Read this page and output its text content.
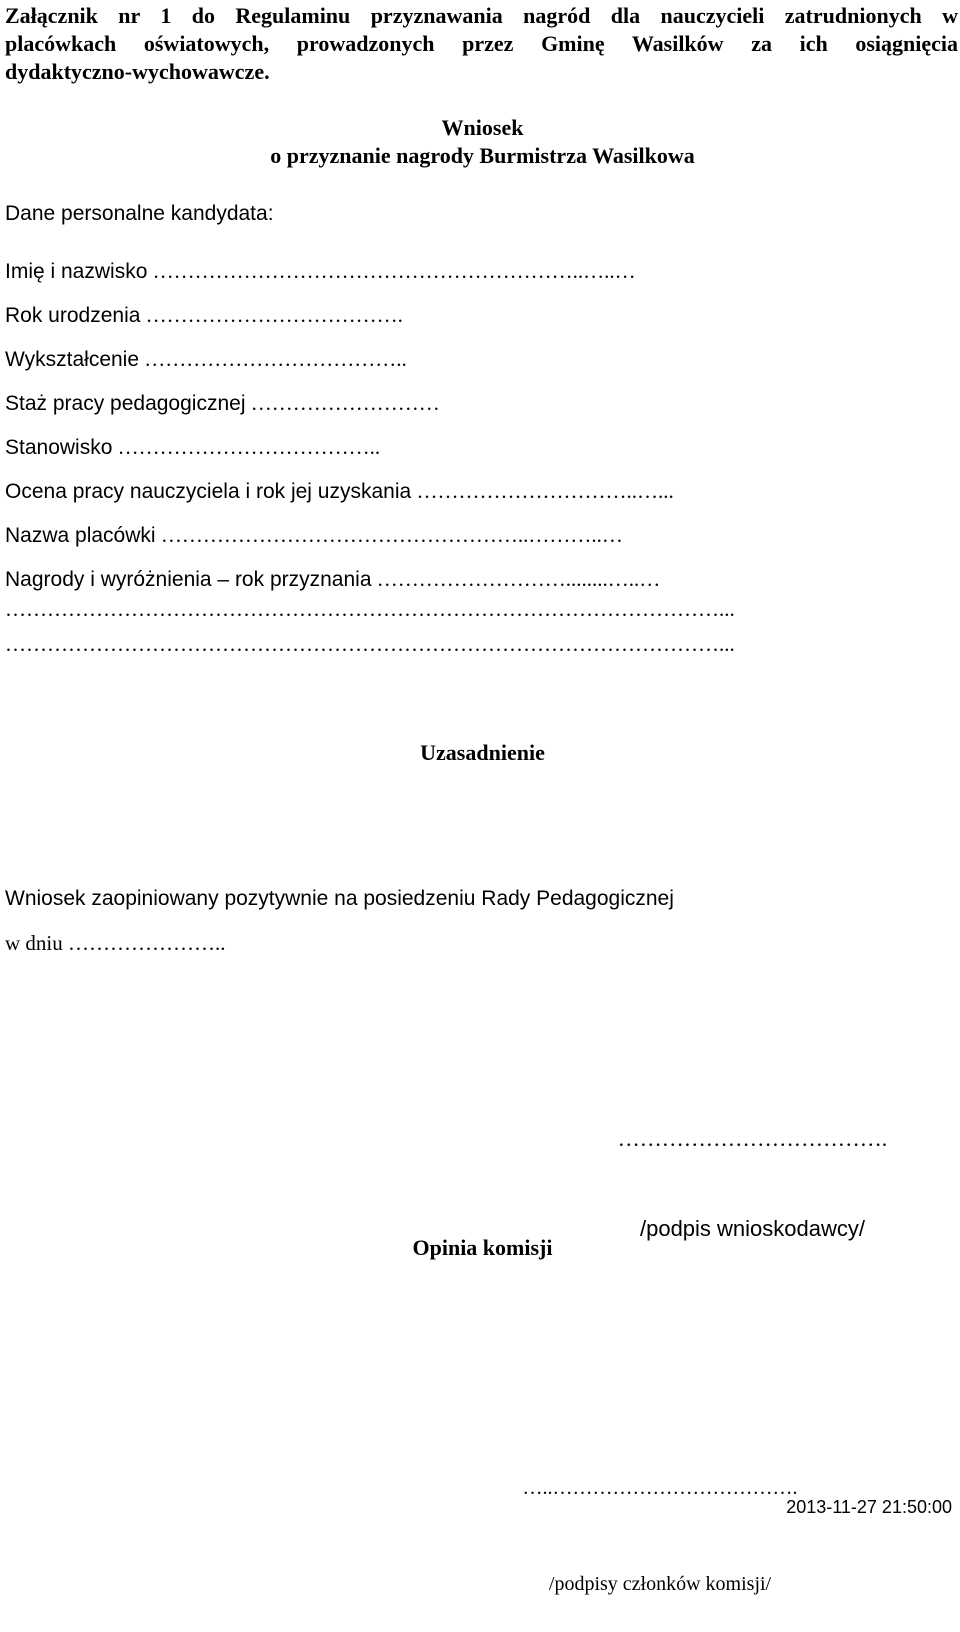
Załącznik nr 1 do Regulaminu przyznawania nagród dla nauczycieli zatrudnionych w
placówkach oświatowych, prowadzonych przez Gminę Wasilków za ich osiągnięcia
dydaktyczno-wychowawcze.
Wniosek
o przyznanie nagrody Burmistrza Wasilkowa
Dane personalne kandydata:
Imię i nazwisko ……………………………………………………..…..…
Rok urodzenia ……………………………….
Wykształcenie ………………………………..
Staż pracy pedagogicznej ………………………
Stanowisko ………………………………..
Ocena pracy nauczyciela i rok jej uzyskania …………………………..…...
Nazwa placówki ……………………………………………..………..…
Nagrody i wyróżnienia – rok przyznania ………………………........…..…
…………………………………………………………………………………………...
…………………………………………………………………………………………...
Uzasadnienie
Wniosek zaopiniowany pozytywnie na posiedzeniu Rady Pedagogicznej
w dniu …………………..

……………………………….

/podpis wnioskodawcy/

Opinia komisji

…..……………………………….

/podpisy członków komisji/

2013-11-27 21:50:00
